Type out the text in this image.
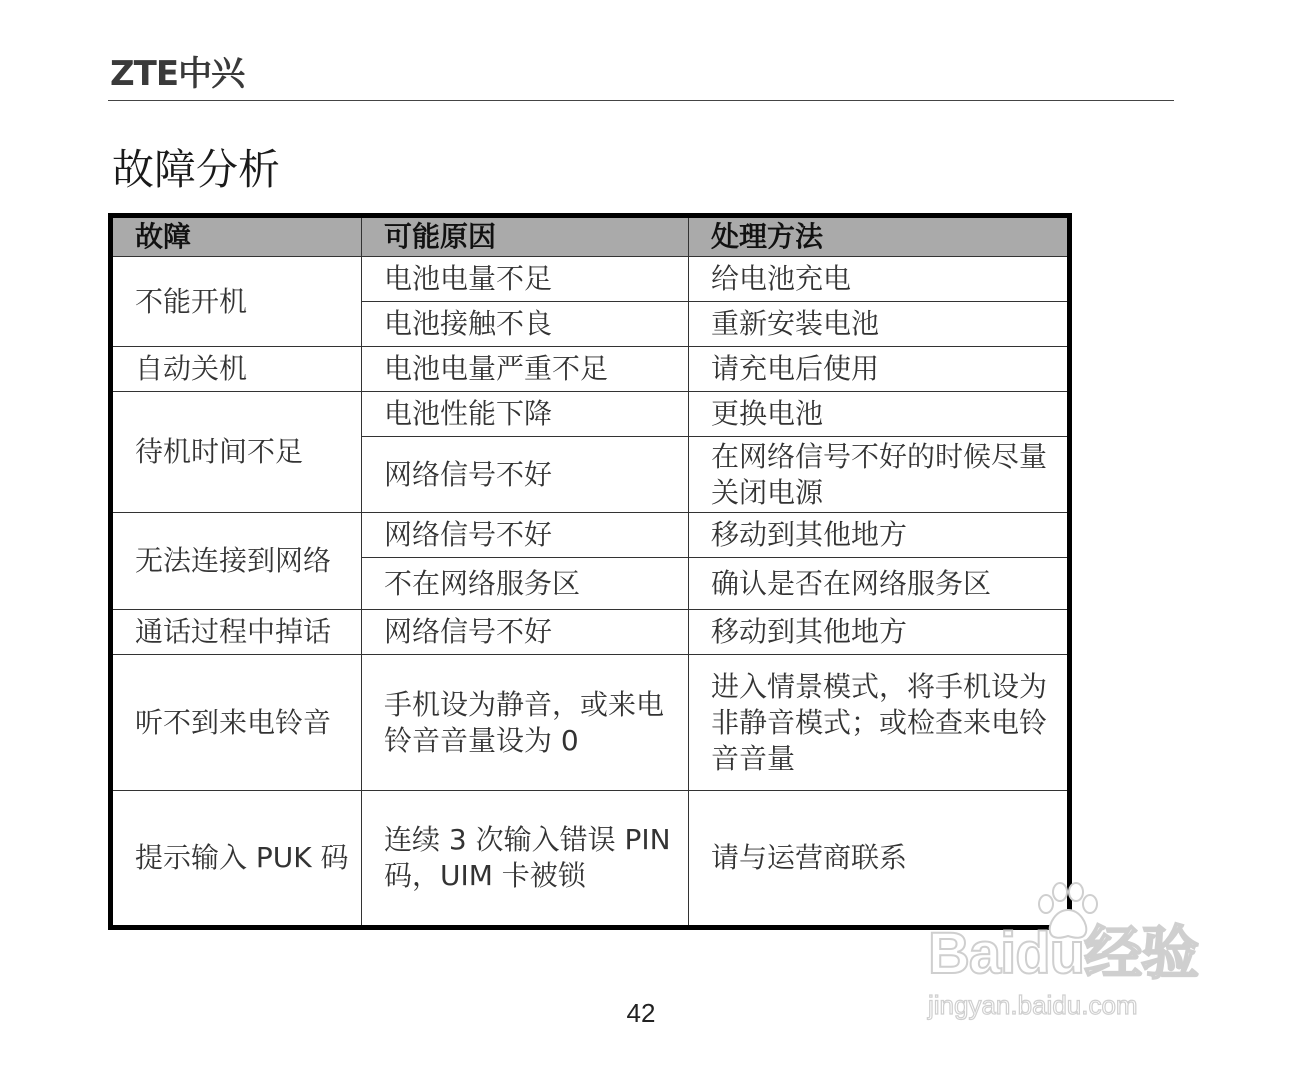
ZTE中兴
故障分析
故障	可能原因	处理方法
不能开机	电池电量不足	给电池充电
	电池接触不良	重新安装电池
自动关机	电池电量严重不足	请充电后使用
待机时间不足	电池性能下降	更换电池
	网络信号不好	在网络信号不好的时候尽量关闭电源
无法连接到网络	网络信号不好	移动到其他地方
	不在网络服务区	确认是否在网络服务区
通话过程中掉话	网络信号不好	移动到其他地方
听不到来电铃音	手机设为静音，或来电铃音音量设为 0	进入情景模式，将手机设为非静音模式；或检查来电铃音音量
提示输入 PUK 码	连续 3 次输入错误 PIN 码，UIM 卡被锁	请与运营商联系
42
Baidu经验
jingyan.baidu.com
